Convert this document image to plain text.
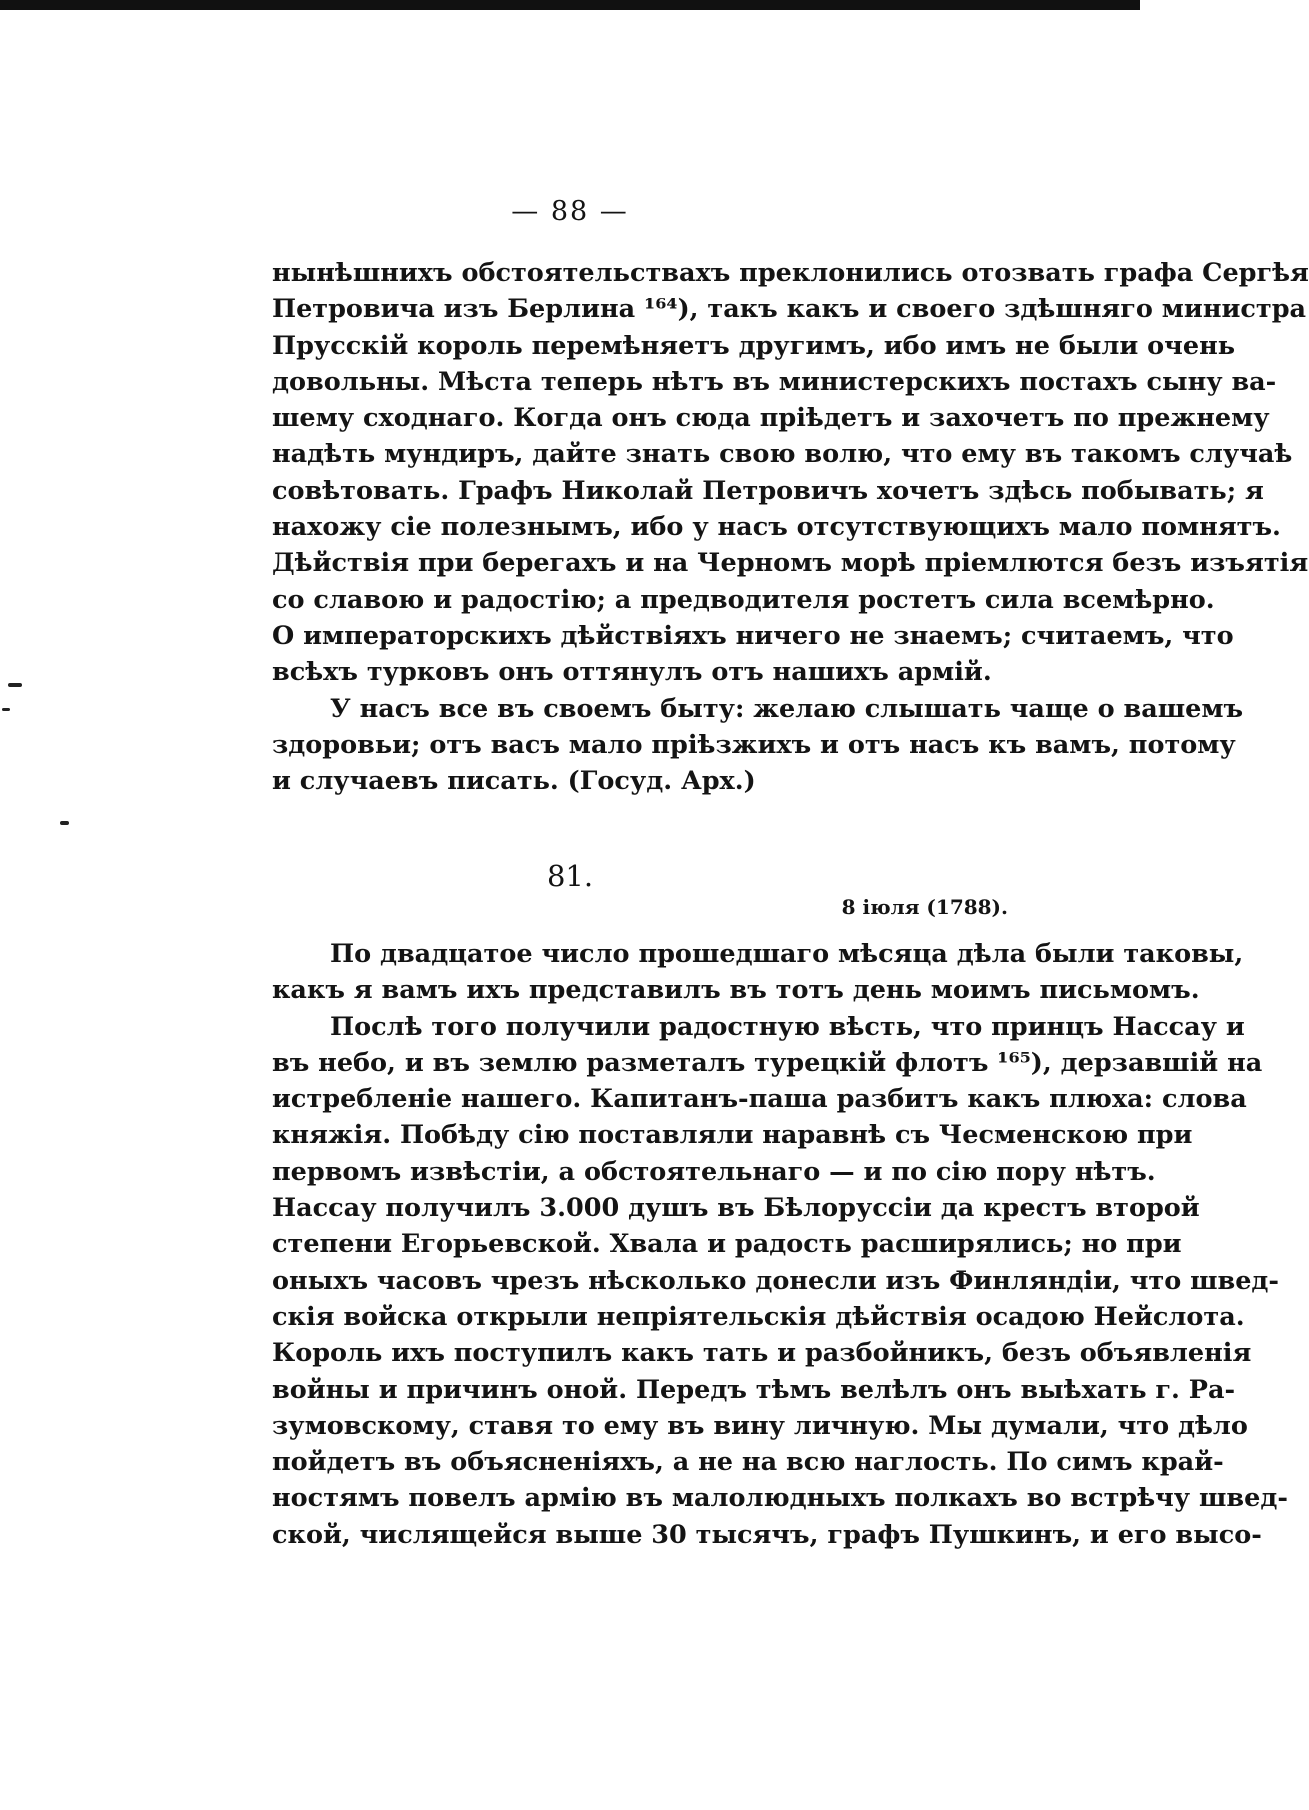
— 88 —
нынѣшнихъ обстоятельствахъ преклонились отозвать графа Сергѣя
Петровича изъ Берлина ¹⁶⁴), такъ какъ и своего здѣшняго министра
Прусскій король перемѣняетъ другимъ, ибо имъ не были очень
довольны. Мѣста теперь нѣтъ въ министерскихъ постахъ сыну ва-
шему сходнаго. Когда онъ сюда пріѣдетъ и захочетъ по прежнему
надѣть мундиръ, дайте знать свою волю, что ему въ такомъ случаѣ
совѣтовать. Графъ Николай Петровичъ хочетъ здѣсь побывать; я
нахожу сіе полезнымъ, ибо у насъ отсутствующихъ мало помнятъ.
Дѣйствія при берегахъ и на Черномъ морѣ пріемлются безъ изъятія
со славою и радостію; а предводителя ростетъ сила всемѣрно.
О императорскихъ дѣйствіяхъ ничего не знаемъ; считаемъ, что
всѣхъ турковъ онъ оттянулъ отъ нашихъ армій.
У насъ все въ своемъ быту: желаю слышать чаще о вашемъ
здоровьи; отъ васъ мало пріѣзжихъ и отъ насъ къ вамъ, потому
и случаевъ писать. (Госуд. Арх.)
81.
8 іюля (1788).
По двадцатое число прошедшаго мѣсяца дѣла были таковы,
какъ я вамъ ихъ представилъ въ тотъ день моимъ письмомъ.
Послѣ того получили радостную вѣсть, что принцъ Нассау и
въ небо, и въ землю разметалъ турецкій флотъ ¹⁶⁵), дерзавшій на
истребленіе нашего. Капитанъ-паша разбитъ какъ плюха: слова
княжія. Побѣду сію поставляли наравнѣ съ Чесменскою при
первомъ извѣстіи, а обстоятельнаго — и по сію пору нѣтъ.
Нассау получилъ 3.000 душъ въ Бѣлоруссіи да крестъ второй
степени Егорьевской. Хвала и радость расширялись; но при
оныхъ часовъ чрезъ нѣсколько донесли изъ Финляндіи, что швед-
скія войска открыли непріятельскія дѣйствія осадою Нейслота.
Король ихъ поступилъ какъ тать и разбойникъ, безъ объявленія
войны и причинъ оной. Передъ тѣмъ велѣлъ онъ выѣхать г. Ра-
зумовскому, ставя то ему въ вину личную. Мы думали, что дѣло
пойдетъ въ объясненіяхъ, а не на всю наглость. По симъ край-
ностямъ повелъ армію въ малолюдныхъ полкахъ во встрѣчу швед-
ской, числящейся выше 30 тысячъ, графъ Пушкинъ, и его высо-
